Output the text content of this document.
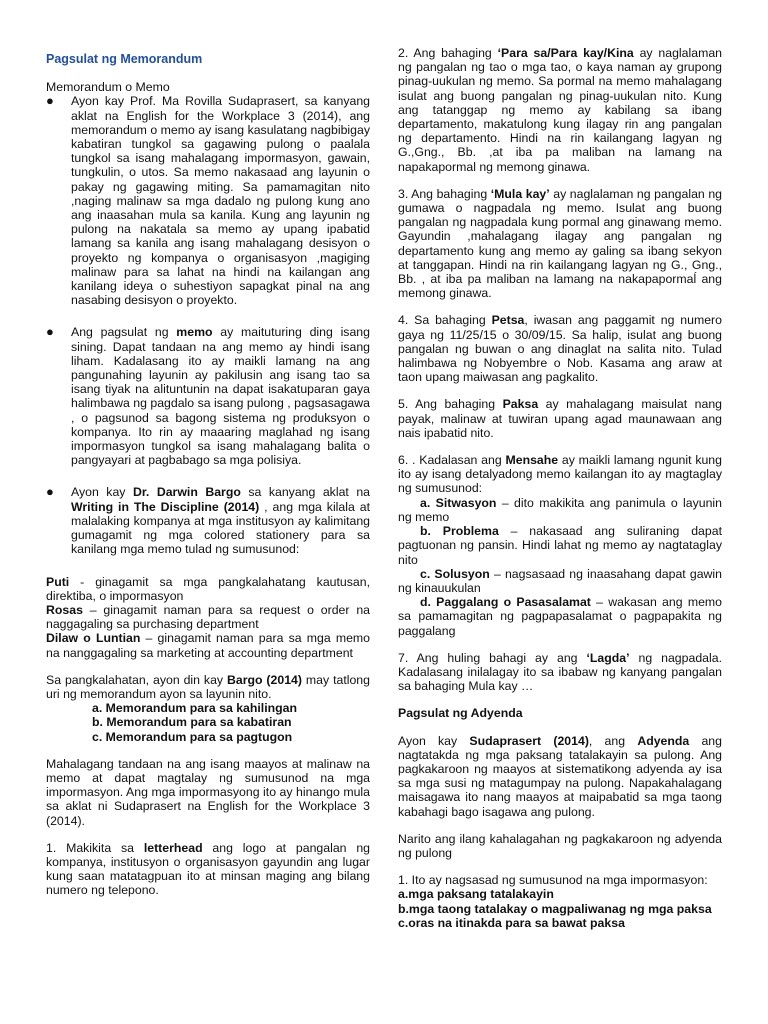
Pagsulat ng Memorandum

Memorandum o Memo

●	Ayon kay Prof. Ma Rovilla Sudaprasert, sa kanyang aklat na English for the Workplace 3 (2014), ang memorandum o memo ay isang kasulatang nagbibigay kabatiran tungkol sa gagawing pulong o paalala tungkol sa isang mahalagang impormasyon, gawain, tungkulin, o utos. Sa memo nakasaad ang layunin o pakay ng gagawing miting. Sa pamamagitan nito ,naging malinaw sa mga dadalo ng pulong kung ano ang inaasahan mula sa kanila. Kung ang layunin ng pulong na nakatala sa memo ay upang ipabatid lamang sa kanila ang isang mahalagang desisyon o proyekto ng kompanya o organisasyon ,magiging malinaw para sa lahat na hindi na kailangan ang kanilang ideya o suhestiyon sapagkat pinal na ang nasabing desisyon o proyekto.

●	Ang pagsulat ng memo ay maituturing ding isang sining. Dapat tandaan na ang memo ay hindi isang liham. Kadalasang ito ay maikli lamang na ang pangunahing layunin ay pakilusin ang isang tao sa isang tiyak na alituntunin na dapat isakatuparan gaya halimbawa ng pagdalo sa isang pulong , pagsasagawa , o pagsunod sa bagong sistema ng produksyon o kompanya. Ito rin ay maaaring maglahad ng isang impormasyon tungkol sa isang mahalagang balita o pangyayari at pagbabago sa mga polisiya.

●	Ayon kay Dr. Darwin Bargo sa kanyang aklat na Writing in The Discipline (2014) , ang mga kilala at malalaking kompanya at mga institusyon ay kalimitang gumagamit ng mga colored stationery para sa kanilang mga memo tulad ng sumusunod:

Puti - ginagamit sa mga pangkalahatang kautusan, direktiba, o impormasyon

Rosas – ginagamit naman para sa request o order na naggagaling sa purchasing department

Dilaw o Luntian – ginagamit naman para sa mga memo na nanggagaling sa marketing at accounting department

Sa pangkalahatan, ayon din kay Bargo (2014) may tatlong uri ng memorandum ayon sa layunin nito.

a. Memorandum para sa kahilingan

b. Memorandum para sa kabatiran

c. Memorandum para sa pagtugon

Mahalagang tandaan na ang isang maayos at malinaw na memo at dapat magtalay ng sumusunod na mga impormasyon. Ang mga impormasyong ito ay hinango mula sa aklat ni Sudaprasert na English for the Workplace 3 (2014).

1. Makikita sa letterhead ang logo at pangalan ng kompanya, institusyon o organisasyon gayundin ang lugar kung saan matatagpuan ito at minsan maging ang bilang numero ng telepono.

2. Ang bahaging ‘Para sa/Para kay/Kina ay naglalaman ng pangalan ng tao o mga tao, o kaya naman ay grupong pinag-uukulan ng memo. Sa pormal na memo mahalagang isulat ang buong pangalan ng pinag-uukulan nito. Kung ang tatanggap ng memo ay kabilang sa ibang departamento, makatulong kung ilagay rin ang pangalan ng departamento. Hindi na rin kailangang lagyan ng G.,Gng., Bb. ,at iba pa maliban na lamang na napakapormal ng memong ginawa.

3. Ang bahaging ‘Mula kay’ ay naglalaman ng pangalan ng gumawa o nagpadala ng memo. Isulat ang buong pangalan ng nagpadala kung pormal ang ginawang memo. Gayundin ,mahalagang ilagay ang pangalan ng departamento kung ang memo ay galing sa ibang sekyon at tanggapan. Hindi na rin kailangang lagyan ng G., Gng., Bb. , at iba pa maliban na lamang na nakapapormaĺ ang memong ginawa.

4. Sa bahaging Petsa, iwasan ang paggamit ng numero gaya ng 11/25/15 o 30/09/15. Sa halip, isulat ang buong pangalan ng buwan o ang dinaglat na salita nito. Tulad halimbawa ng Nobyembre o Nob. Kasama ang araw at taon upang maiwasan ang pagkalito.

5. Ang bahaging Paksa ay mahalagang maisulat nang payak, malinaw at tuwiran upang agad maunawaan ang nais ipabatid nito.

6. . Kadalasan ang Mensahe ay maikli lamang ngunit kung ito ay isang detalyadong memo kailangan ito ay magtaglay ng sumusunod:

a. Sitwasyon – dito makikita ang panimula o layunin ng memo

b. Problema – nakasaad ang suliraning dapat pagtuonan ng pansin. Hindi lahat ng memo ay nagtataglay nito

c. Solusyon – nagsasaad ng inaasahang dapat gawin ng kinauukulan

d. Paggalang o Pasasalamat – wakasan ang memo sa pamamagitan ng pagpapasalamat o pagpapakita ng paggalang

7. Ang huling bahagi ay ang ‘Lagda’ ng nagpadala. Kadalasang inilalagay ito sa ibabaw ng kanyang pangalan sa bahaging Mula kay …

Pagsulat ng Adyenda

Ayon kay Sudaprasert (2014), ang Adyenda ang nagtatakda ng mga paksang tatalakayin sa pulong. Ang pagkakaroon ng maayos at sistematikong adyenda ay isa sa mga susi ng matagumpay na pulong. Napakahalagang maisagawa ito nang maayos at maipabatid sa mga taong kabahagi bago isagawa ang pulong.

Narito ang ilang kahalagahan ng pagkakaroon ng adyenda ng pulong

1. Ito ay nagsasad ng sumusunod na mga impormasyon:

a.mga paksang tatalakayin

b.mga taong tatalakay o magpaliwanag ng mga paksa

c.oras na itinakda para sa bawat paksa
